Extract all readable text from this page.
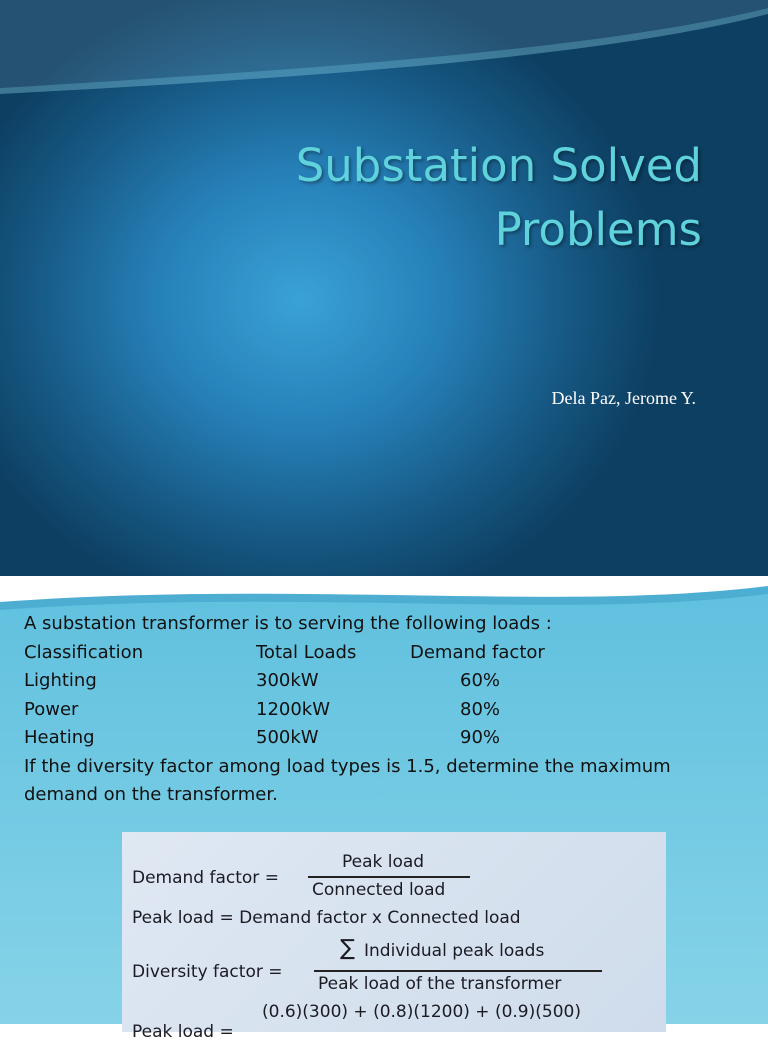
Substation Solved
Problems
Dela Paz, Jerome Y.
A substation transformer is to serving the following loads :
Classification	Total Loads	Demand factor
Lighting	300kW	60%
Power	1200kW	80%
Heating	500kW	90%
If the diversity factor among load types is 1.5, determine the maximum demand on the transformer.
Demand factor =
Peak load
Connected load
Peak load = Demand factor x Connected load
Diversity factor =
∑ Individual peak loads
Peak load of the transformer
(0.6)(300) + (0.8)(1200) + (0.9)(500)
Peak load =
